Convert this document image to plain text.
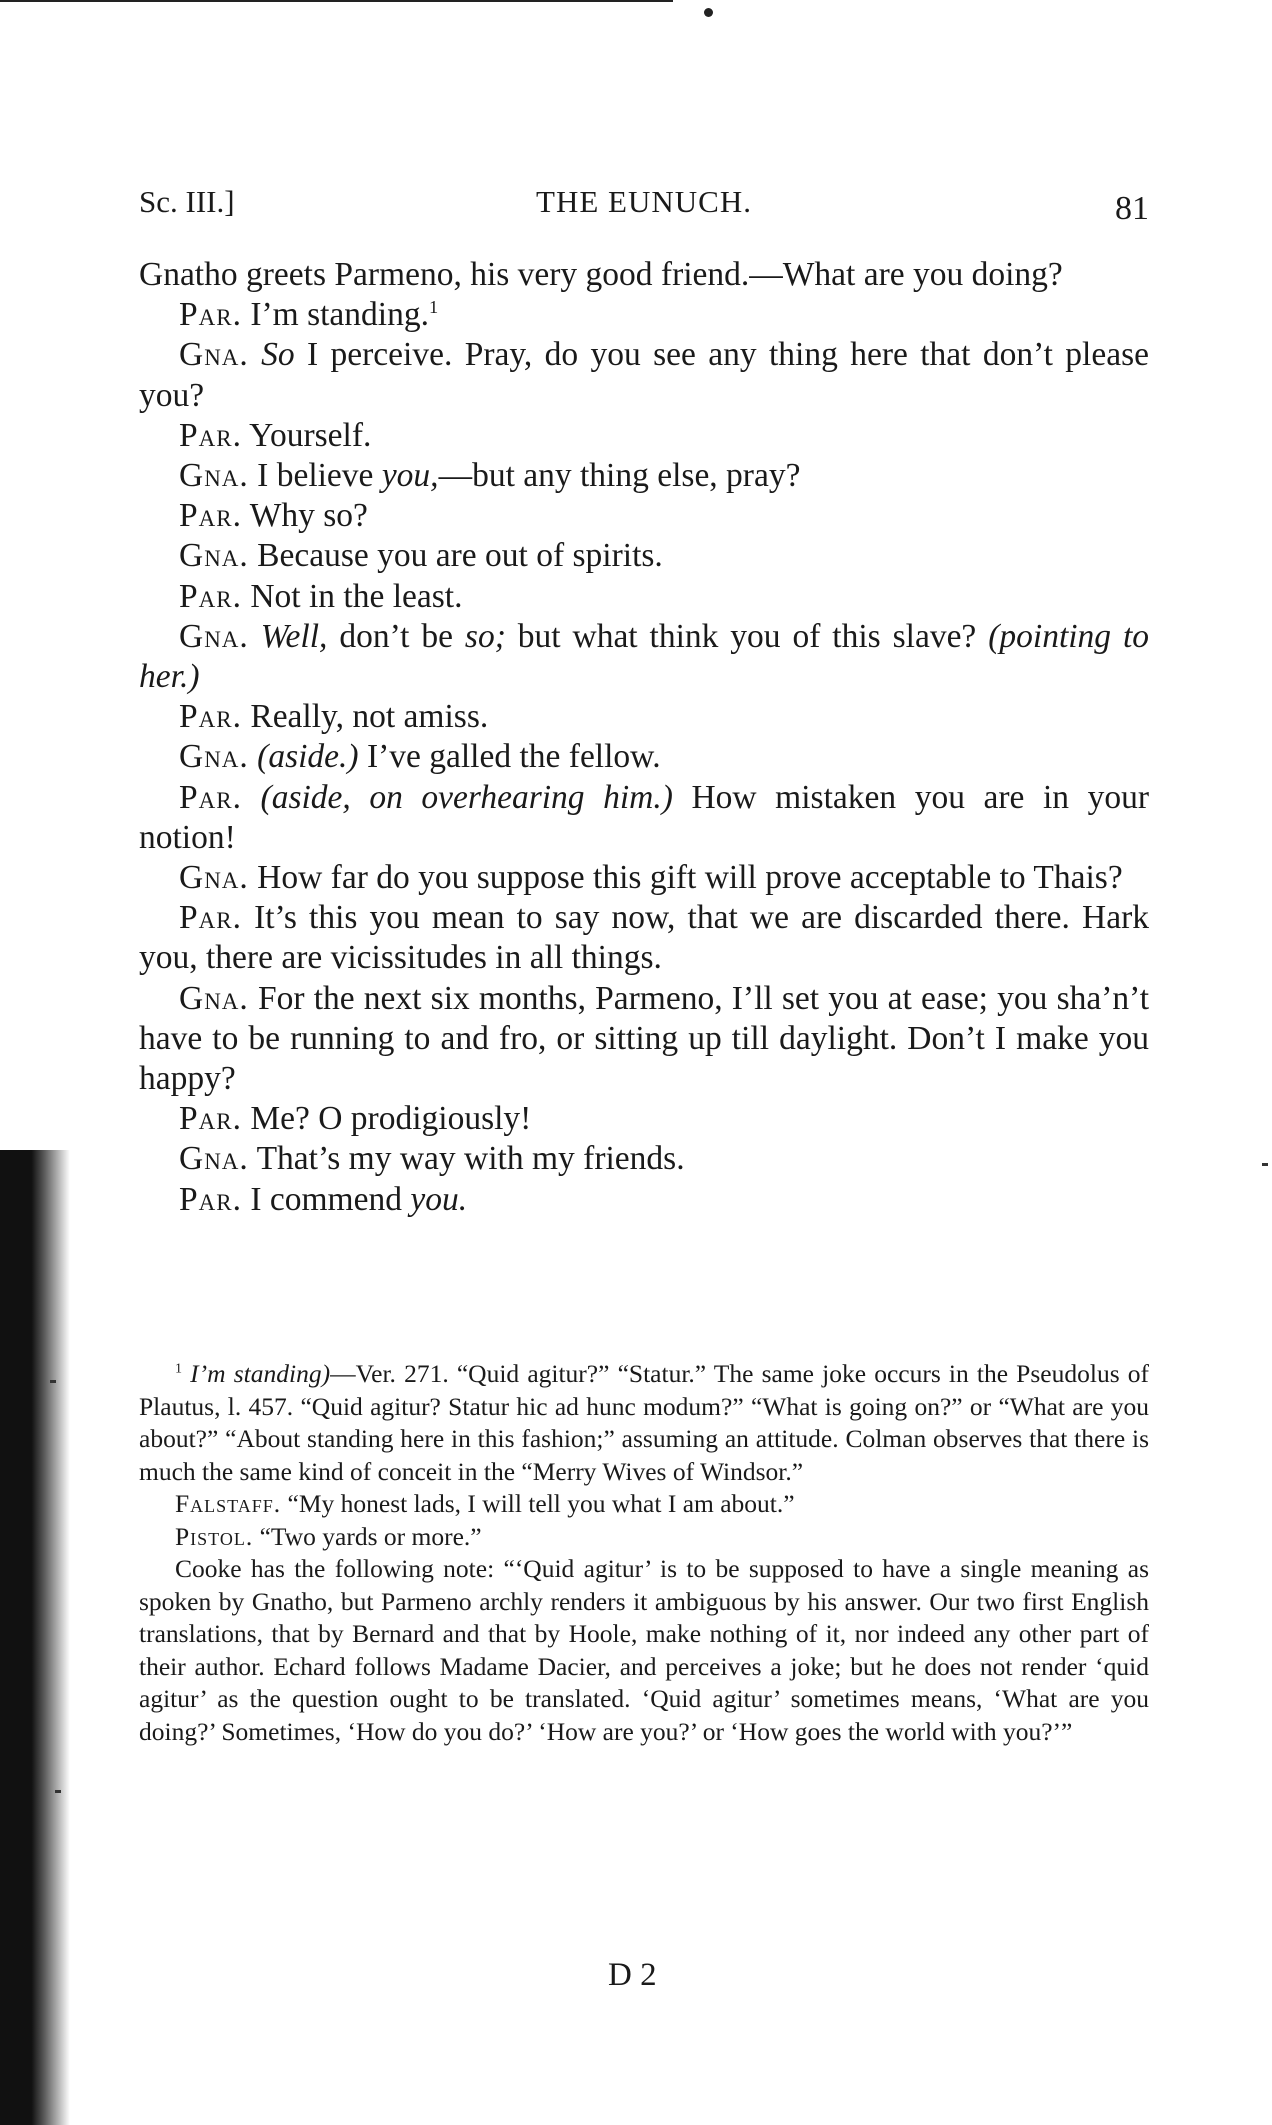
Sc. III.]	THE EUNUCH.	81

Gnatho greets Parmeno, his very good friend.—What are you doing?

Par. I’m standing.$^1$

Gna. So I perceive. Pray, do you see any thing here that don’t please you?

Par. Yourself.

Gna. I believe you,—but any thing else, pray?

Par. Why so?

Gna. Because you are out of spirits.

Par. Not in the least.

Gna. Well, don’t be so; but what think you of this slave? (pointing to her.)

Par. Really, not amiss.

Gna. (aside.) I’ve galled the fellow.

Par. (aside, on overhearing him.) How mistaken you are in your notion!

Gna. How far do you suppose this gift will prove acceptable to Thais?

Par. It’s this you mean to say now, that we are discarded there. Hark you, there are vicissitudes in all things.

Gna. For the next six months, Parmeno, I’ll set you at ease; you sha’n’t have to be running to and fro, or sitting up till daylight. Don’t I make you happy?

Par. Me? O prodigiously!

Gna. That’s my way with my friends.

Par. I commend you.

$^1$ I’m standing)—Ver. 271. “Quid agitur?” “Statur.” The same joke occurs in the Pseudolus of Plautus, l. 457. “Quid agitur? Statur hic ad hunc modum?” “What is going on?” or “What are you about?” “About standing here in this fashion;” assuming an attitude. Colman observes that there is much the same kind of conceit in the “Merry Wives of Windsor.”

Falstaff. “My honest lads, I will tell you what I am about.”

Pistol. “Two yards or more.”

Cooke has the following note: “‘Quid agitur’ is to be supposed to have a single meaning as spoken by Gnatho, but Parmeno archly renders it ambiguous by his answer. Our two first English translations, that by Bernard and that by Hoole, make nothing of it, nor indeed any other part of their author. Echard follows Madame Dacier, and perceives a joke; but he does not render ‘quid agitur’ as the question ought to be translated. ‘Quid agitur’ sometimes means, ‘What are you doing?’ Sometimes, ‘How do you do?’ ‘How are you?’ or ‘How goes the world with you?’”

D 2
